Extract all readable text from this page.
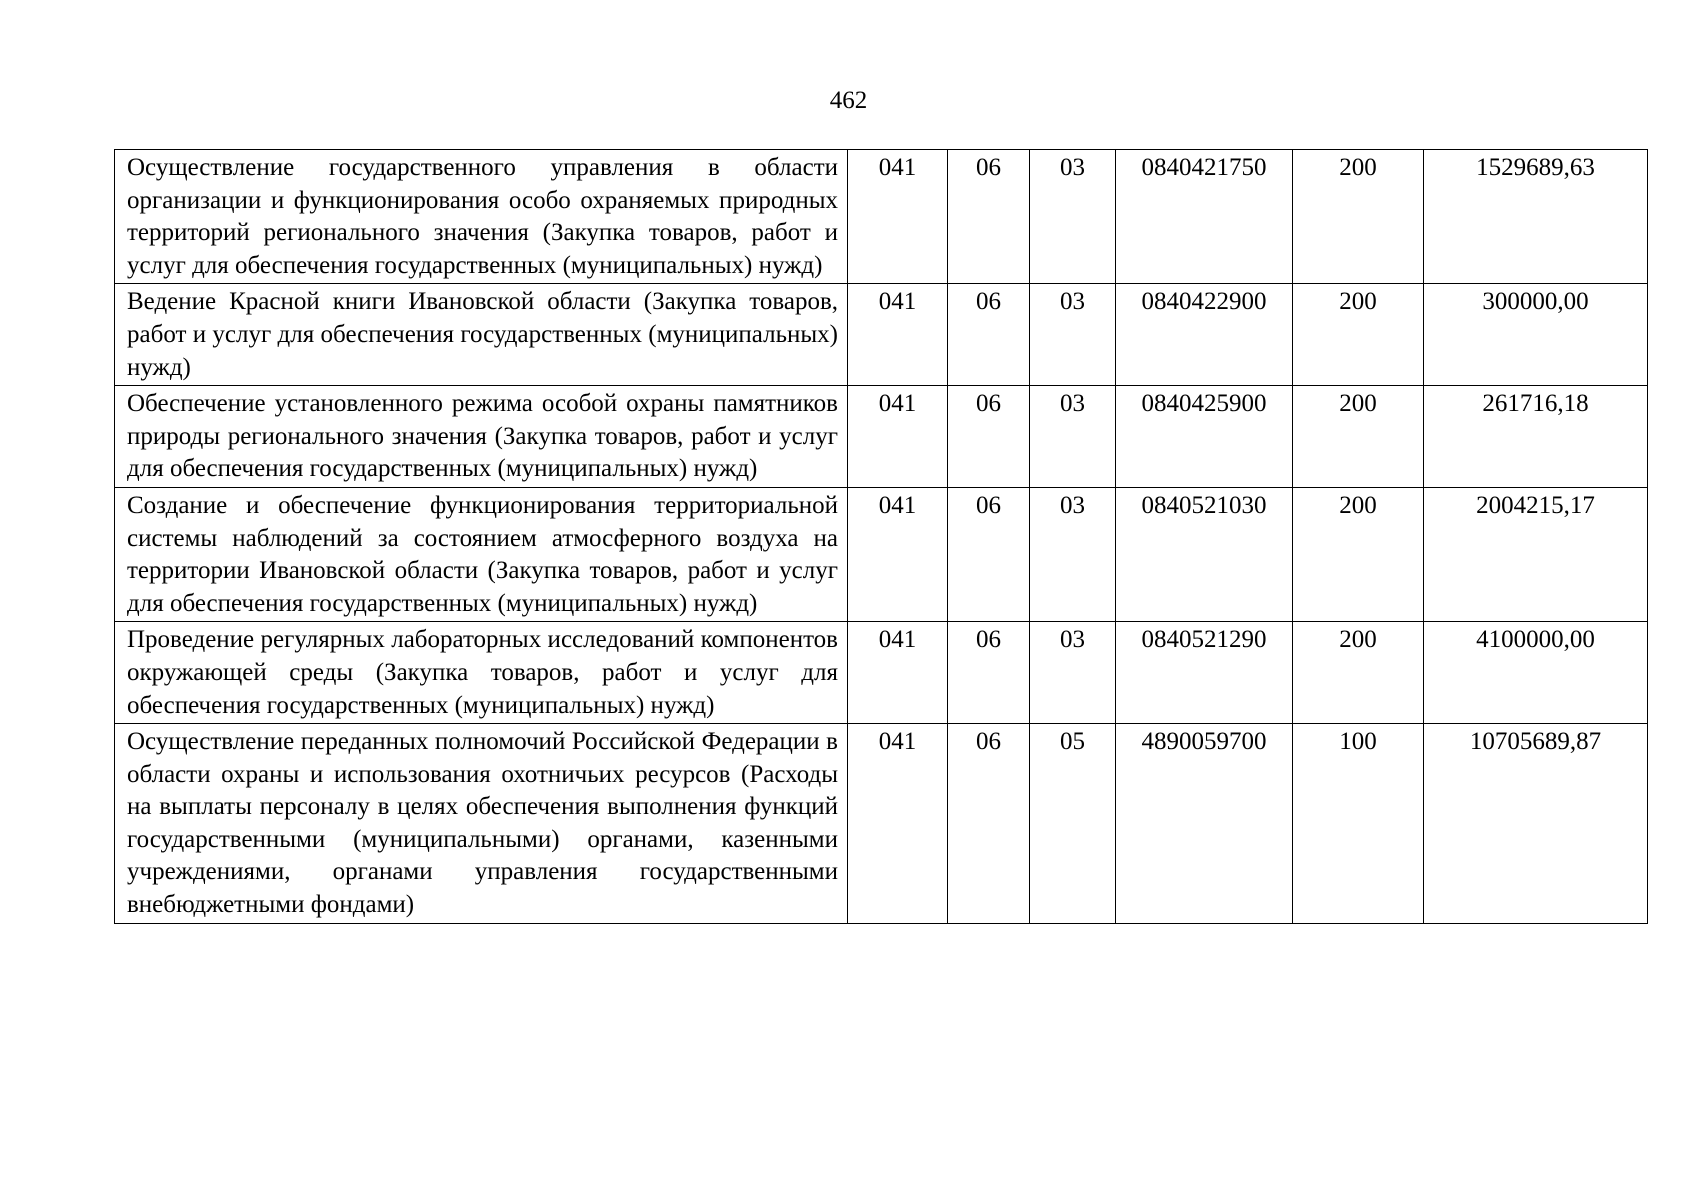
462
Осуществление государственного управления в области организации и функционирования особо охраняемых природных территорий регионального значения (Закупка товаров, работ и услуг для обеспечения государственных (муниципальных) нужд)	041	06	03	0840421750	200	1529689,63
Ведение Красной книги Ивановской области (Закупка товаров, работ и услуг для обеспечения государственных (муниципальных) нужд)	041	06	03	0840422900	200	300000,00
Обеспечение установленного режима особой охраны памятников природы регионального значения (Закупка товаров, работ и услуг для обеспечения государственных (муниципальных) нужд)	041	06	03	0840425900	200	261716,18
Создание и обеспечение функционирования территориальной системы наблюдений за состоянием атмосферного воздуха на территории Ивановской области (Закупка товаров, работ и услуг для обеспечения государственных (муниципальных) нужд)	041	06	03	0840521030	200	2004215,17
Проведение регулярных лабораторных исследований компонентов окружающей среды (Закупка товаров, работ и услуг для обеспечения государственных (муниципальных) нужд)	041	06	03	0840521290	200	4100000,00
Осуществление переданных полномочий Российской Федерации в области охраны и использования охотничьих ресурсов (Расходы на выплаты персоналу в целях обеспечения выполнения функций государственными (муниципальными) органами, казенными учреждениями, органами управления государственными внебюджетными фондами)	041	06	05	4890059700	100	10705689,87
